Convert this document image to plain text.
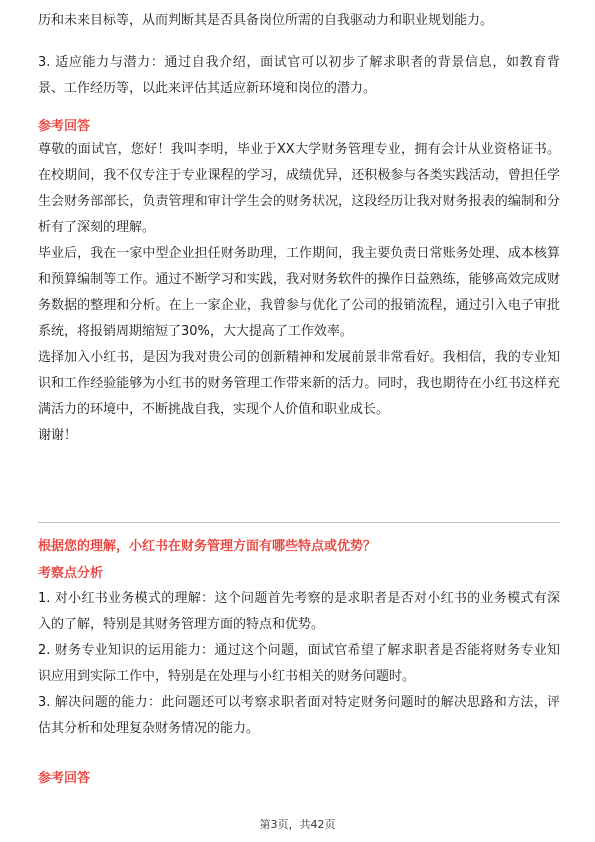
历和未来目标等，从而判断其是否具备岗位所需的自我驱动力和职业规划能力。

3. 适应能力与潜力：通过自我介绍，面试官可以初步了解求职者的背景信息，如教育背景、工作经历等，以此来评估其适应新环境和岗位的潜力。

参考回答

尊敬的面试官，您好！我叫李明，毕业于XX大学财务管理专业，拥有会计从业资格证书。在校期间，我不仅专注于专业课程的学习，成绩优异，还积极参与各类实践活动，曾担任学生会财务部部长，负责管理和审计学生会的财务状况，这段经历让我对财务报表的编制和分析有了深刻的理解。

毕业后，我在一家中型企业担任财务助理，工作期间，我主要负责日常账务处理、成本核算和预算编制等工作。通过不断学习和实践，我对财务软件的操作日益熟练，能够高效完成财务数据的整理和分析。在上一家企业，我曾参与优化了公司的报销流程，通过引入电子审批系统，将报销周期缩短了30%，大大提高了工作效率。

选择加入小红书，是因为我对贵公司的创新精神和发展前景非常看好。我相信，我的专业知识和工作经验能够为小红书的财务管理工作带来新的活力。同时，我也期待在小红书这样充满活力的环境中，不断挑战自我，实现个人价值和职业成长。

谢谢！

根据您的理解，小红书在财务管理方面有哪些特点或优势？

考察点分析

1. 对小红书业务模式的理解：这个问题首先考察的是求职者是否对小红书的业务模式有深入的了解，特别是其财务管理方面的特点和优势。

2. 财务专业知识的运用能力：通过这个问题，面试官希望了解求职者是否能将财务专业知识应用到实际工作中，特别是在处理与小红书相关的财务问题时。

3. 解决问题的能力：此问题还可以考察求职者面对特定财务问题时的解决思路和方法，评估其分析和处理复杂财务情况的能力。

参考回答

第3页，共42页
